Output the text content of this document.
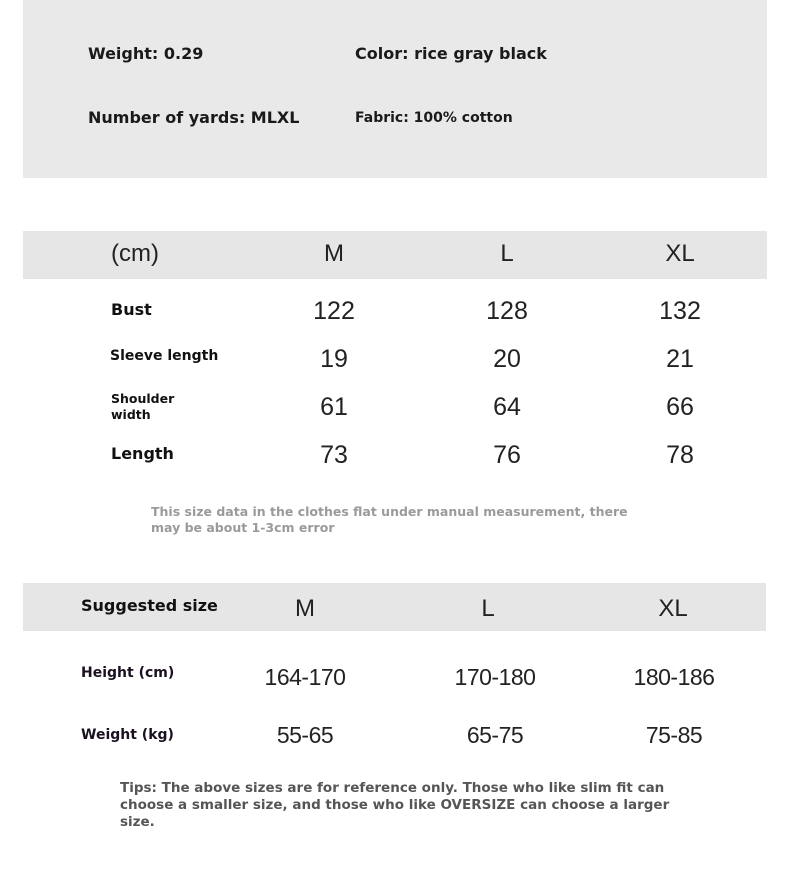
Weight: 0.29	Color: rice gray black
Number of yards: MLXL	Fabric: 100% cotton
(cm)	M	L	XL
Bust	122	128	132
Sleeve length	19	20	21
Shoulder
width	61	64	66
Length	73	76	78
This size data in the clothes flat under manual measurement, there may be about 1-3cm error
Suggested size	M	L	XL
Height (cm)	164-170	170-180	180-186
Weight (kg)	55-65	65-75	75-85
Tips: The above sizes are for reference only. Those who like slim fit can choose a smaller size, and those who like OVERSIZE can choose a larger size.
